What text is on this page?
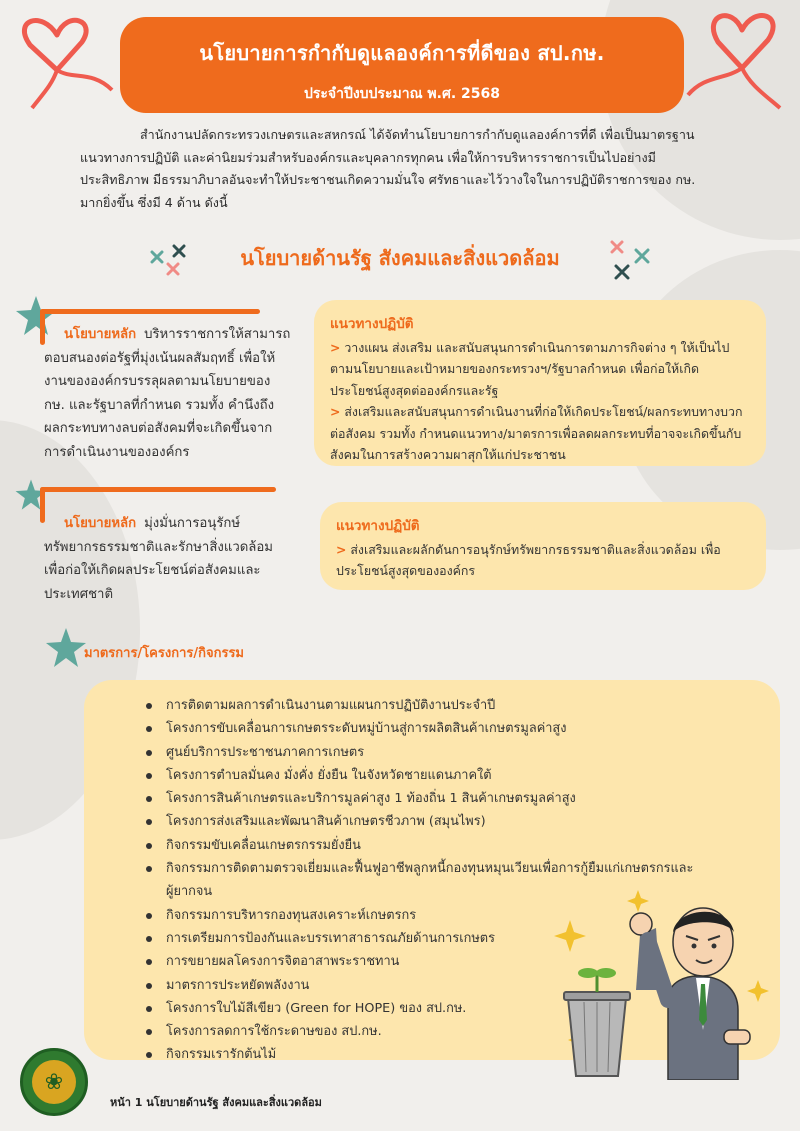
นโยบายการกำกับดูแลองค์การที่ดีของ สป.กษ.
ประจำปีงบประมาณ พ.ศ. 2568

สำนักงานปลัดกระทรวงเกษตรและสหกรณ์ ได้จัดทำนโยบายการกำกับดูแลองค์การที่ดี เพื่อเป็นมาตรฐาน แนวทางการปฏิบัติ และค่านิยมร่วมสำหรับองค์กรและบุคลากรทุกคน เพื่อให้การบริหารราชการเป็นไปอย่างมีประสิทธิภาพ มีธรรมาภิบาลอันจะทำให้ประชาชนเกิดความมั่นใจ ศรัทธาและไว้วางใจในการปฏิบัติราชการของ กษ. มากยิ่งขึ้น ซึ่งมี 4 ด้าน ดังนี้

นโยบายด้านรัฐ สังคมและสิ่งแวดล้อม
นโยบายหลัก บริหารราชการให้สามารถตอบสนองต่อรัฐที่มุ่งเน้นผลสัมฤทธิ์ เพื่อให้งานขององค์กรบรรลุผลตามนโยบายของ กษ. และรัฐบาลที่กำหนด รวมทั้ง คำนึงถึงผลกระทบทางลบต่อสังคมที่จะเกิดขึ้นจากการดำเนินงานขององค์กร
นโยบายหลัก มุ่งมั่นการอนุรักษ์ทรัพยากรธรรมชาติและรักษาสิ่งแวดล้อมเพื่อก่อให้เกิดผลประโยชน์ต่อสังคมและประเทศชาติ
แนวทางปฏิบัติ
> วางแผน ส่งเสริม และสนับสนุนการดำเนินการตามภารกิจต่าง ๆ ให้เป็นไปตามนโยบายและเป้าหมายของกระทรวงฯ/รัฐบาลกำหนด เพื่อก่อให้เกิดประโยชน์สูงสุดต่อองค์กรและรัฐ
> ส่งเสริมและสนับสนุนการดำเนินงานที่ก่อให้เกิดประโยชน์/ผลกระทบทางบวกต่อสังคม รวมทั้ง กำหนดแนวทาง/มาตรการเพื่อลดผลกระทบที่อาจจะเกิดขึ้นกับสังคมในการสร้างความผาสุกให้แก่ประชาชน
แนวทางปฏิบัติ
> ส่งเสริมและผลักดันการอนุรักษ์ทรัพยากรธรรมชาติและสิ่งแวดล้อม เพื่อประโยชน์สูงสุดขององค์กร
มาตรการ/โครงการ/กิจกรรม
การติดตามผลการดำเนินงานตามแผนการปฏิบัติงานประจำปี
โครงการขับเคลื่อนการเกษตรระดับหมู่บ้านสู่การผลิตสินค้าเกษตรมูลค่าสูง
ศูนย์บริการประชาชนภาคการเกษตร
โครงการตำบลมั่นคง มั่งคั่ง ยั่งยืน ในจังหวัดชายแดนภาคใต้
โครงการสินค้าเกษตรและบริการมูลค่าสูง 1 ท้องถิ่น 1 สินค้าเกษตรมูลค่าสูง
โครงการส่งเสริมและพัฒนาสินค้าเกษตรชีวภาพ (สมุนไพร)
กิจกรรมขับเคลื่อนเกษตรกรรมยั่งยืน
กิจกรรมการติดตามตรวจเยี่ยมและฟื้นฟูอาชีพลูกหนี้กองทุนหมุนเวียนเพื่อการกู้ยืมแก่เกษตรกรและผู้ยากจน
กิจกรรมการบริหารกองทุนสงเคราะห์เกษตรกร
การเตรียมการป้องกันและบรรเทาสาธารณภัยด้านการเกษตร
การขยายผลโครงการจิตอาสาพระราชทาน
มาตรการประหยัดพลังงาน
โครงการใบไม้สีเขียว (Green for HOPE) ของ สป.กษ.
โครงการลดการใช้กระดาษของ สป.กษ.
กิจกรรมเรารักต้นไม้
❀
หน้า 1 นโยบายด้านรัฐ สังคมและสิ่งแวดล้อม
